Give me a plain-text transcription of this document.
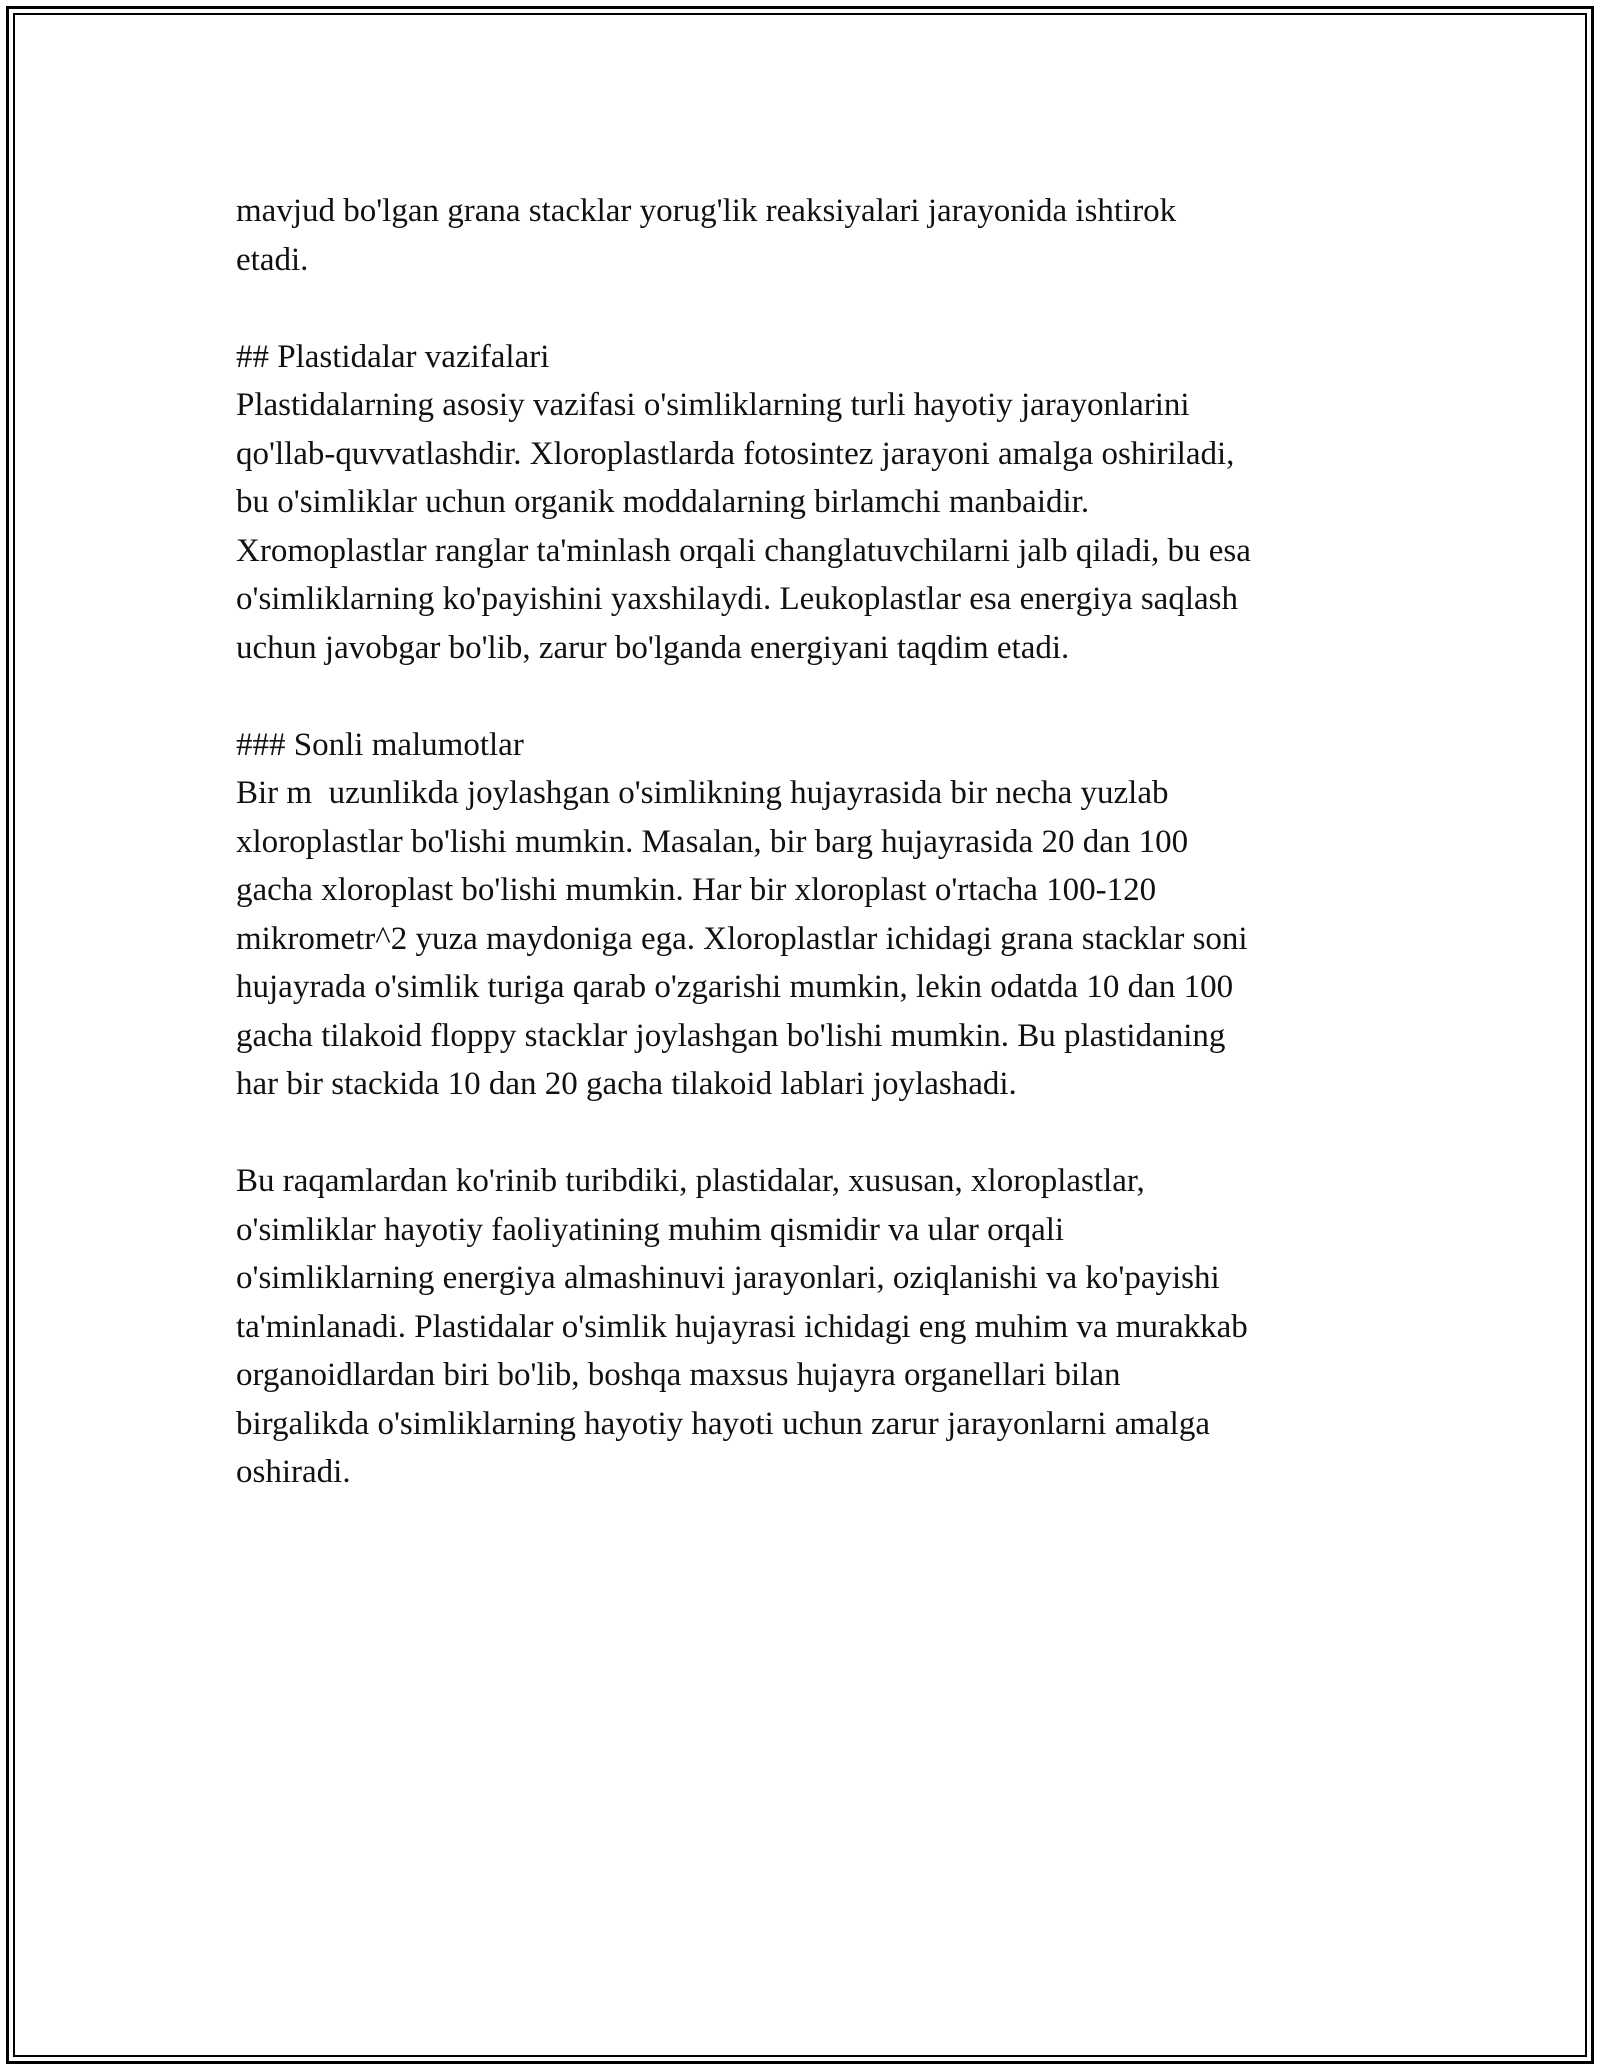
mavjud bo'lgan grana stacklar yorug'lik reaksiyalari jarayonida ishtirok
etadi.
## Plastidalar vazifalari
Plastidalarning asosiy vazifasi o'simliklarning turli hayotiy jarayonlarini
qo'llab-quvvatlashdir. Xloroplastlarda fotosintez jarayoni amalga oshiriladi,
bu o'simliklar uchun organik moddalarning birlamchi manbaidir.
Xromoplastlar ranglar ta'minlash orqali changlatuvchilarni jalb qiladi, bu esa
o'simliklarning ko'payishini yaxshilaydi. Leukoplastlar esa energiya saqlash
uchun javobgar bo'lib, zarur bo'lganda energiyani taqdim etadi.
### Sonli malumotlar
Bir m  uzunlikda joylashgan o'simlikning hujayrasida bir necha yuzlab
xloroplastlar bo'lishi mumkin. Masalan, bir barg hujayrasida 20 dan 100
gacha xloroplast bo'lishi mumkin. Har bir xloroplast o'rtacha 100-120
mikrometr^2 yuza maydoniga ega. Xloroplastlar ichidagi grana stacklar soni
hujayrada o'simlik turiga qarab o'zgarishi mumkin, lekin odatda 10 dan 100
gacha tilakoid floppy stacklar joylashgan bo'lishi mumkin. Bu plastidaning
har bir stackida 10 dan 20 gacha tilakoid lablari joylashadi.
Bu raqamlardan ko'rinib turibdiki, plastidalar, xususan, xloroplastlar,
o'simliklar hayotiy faoliyatining muhim qismidir va ular orqali
o'simliklarning energiya almashinuvi jarayonlari, oziqlanishi va ko'payishi
ta'minlanadi. Plastidalar o'simlik hujayrasi ichidagi eng muhim va murakkab
organoidlardan biri bo'lib, boshqa maxsus hujayra organellari bilan
birgalikda o'simliklarning hayotiy hayoti uchun zarur jarayonlarni amalga
oshiradi.
